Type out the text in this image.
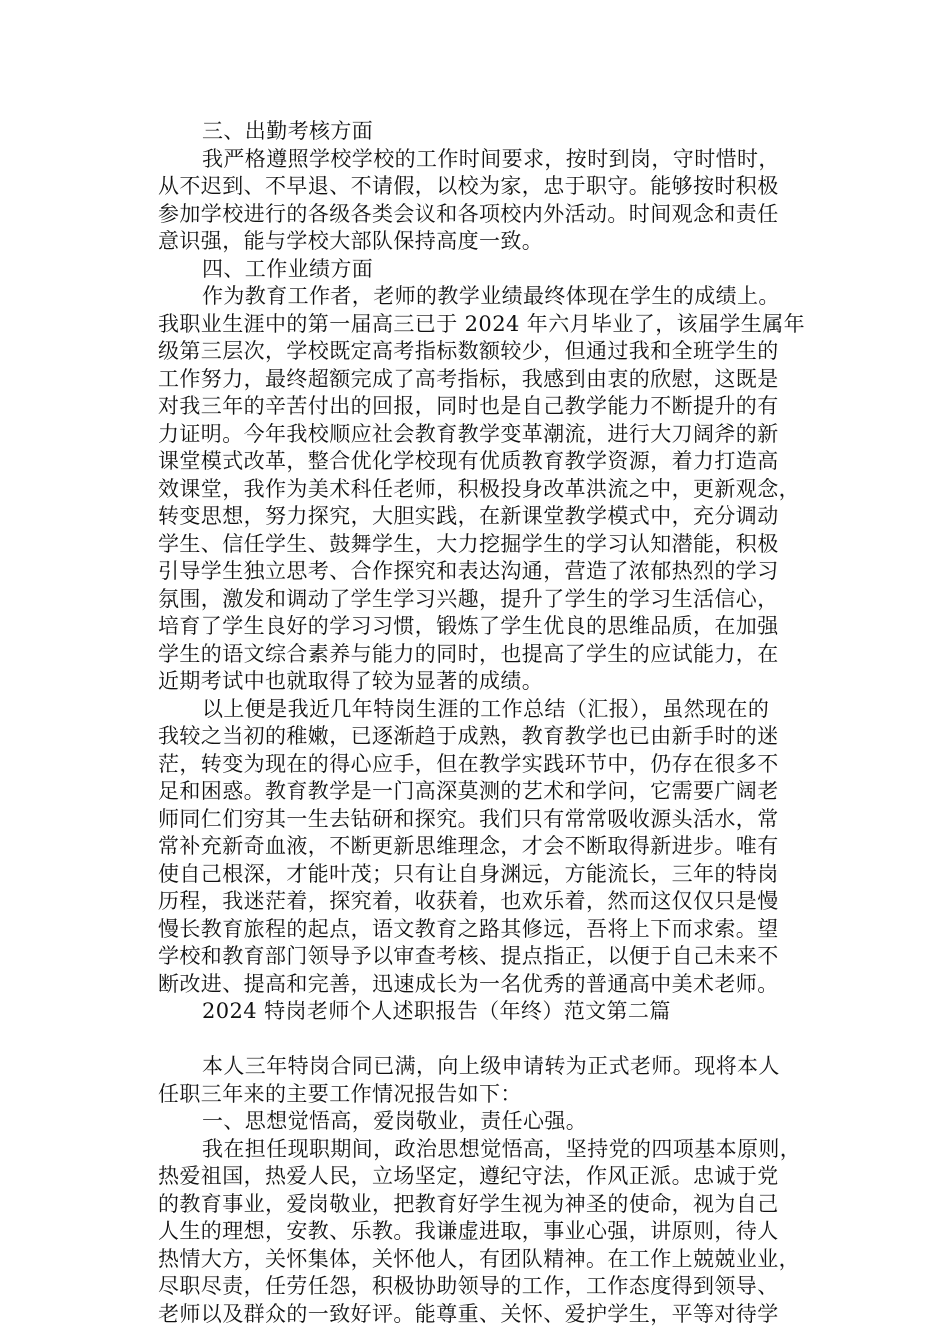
三、出勤考核方面
我严格遵照学校学校的工作时间要求，按时到岗，守时惜时，
从不迟到、不早退、不请假，以校为家，忠于职守。能够按时积极
参加学校进行的各级各类会议和各项校内外活动。时间观念和责任
意识强，能与学校大部队保持高度一致。
四、工作业绩方面
作为教育工作者，老师的教学业绩最终体现在学生的成绩上。
我职业生涯中的第一届高三已于 2024 年六月毕业了，该届学生属年
级第三层次，学校既定高考指标数额较少，但通过我和全班学生的
工作努力，最终超额完成了高考指标，我感到由衷的欣慰，这既是
对我三年的辛苦付出的回报，同时也是自己教学能力不断提升的有
力证明。今年我校顺应社会教育教学变革潮流，进行大刀阔斧的新
课堂模式改革，整合优化学校现有优质教育教学资源，着力打造高
效课堂，我作为美术科任老师，积极投身改革洪流之中，更新观念，
转变思想，努力探究，大胆实践，在新课堂教学模式中，充分调动
学生、信任学生、鼓舞学生，大力挖掘学生的学习认知潜能，积极
引导学生独立思考、合作探究和表达沟通，营造了浓郁热烈的学习
氛围，激发和调动了学生学习兴趣，提升了学生的学习生活信心，
培育了学生良好的学习习惯，锻炼了学生优良的思维品质，在加强
学生的语文综合素养与能力的同时，也提高了学生的应试能力，在
近期考试中也就取得了较为显著的成绩。
以上便是我近几年特岗生涯的工作总结（汇报），虽然现在的
我较之当初的稚嫩，已逐渐趋于成熟，教育教学也已由新手时的迷
茫，转变为现在的得心应手，但在教学实践环节中，仍存在很多不
足和困惑。教育教学是一门高深莫测的艺术和学问，它需要广阔老
师同仁们穷其一生去钻研和探究。我们只有常常吸收源头活水，常
常补充新奇血液，不断更新思维理念，才会不断取得新进步。唯有
使自己根深，才能叶茂；只有让自身渊远，方能流长，三年的特岗
历程，我迷茫着，探究着，收获着，也欢乐着，然而这仅仅只是慢
慢长教育旅程的起点，语文教育之路其修远，吾将上下而求索。望
学校和教育部门领导予以审查考核、提点指正，以便于自己未来不
断改进、提高和完善，迅速成长为一名优秀的普通高中美术老师。
2024 特岗老师个人述职报告（年终）范文第二篇
本人三年特岗合同已满，向上级申请转为正式老师。现将本人
任职三年来的主要工作情况报告如下：
一、思想觉悟高，爱岗敬业，责任心强。
我在担任现职期间，政治思想觉悟高，坚持党的四项基本原则，
热爱祖国，热爱人民，立场坚定，遵纪守法，作风正派。忠诚于党
的教育事业，爱岗敬业，把教育好学生视为神圣的使命，视为自己
人生的理想，安教、乐教。我谦虚进取，事业心强，讲原则，待人
热情大方，关怀集体，关怀他人，有团队精神。在工作上兢兢业业，
尽职尽责，任劳任怨，积极协助领导的工作，工作态度得到领导、
老师以及群众的一致好评。能尊重、关怀、爱护学生，平等对待学
